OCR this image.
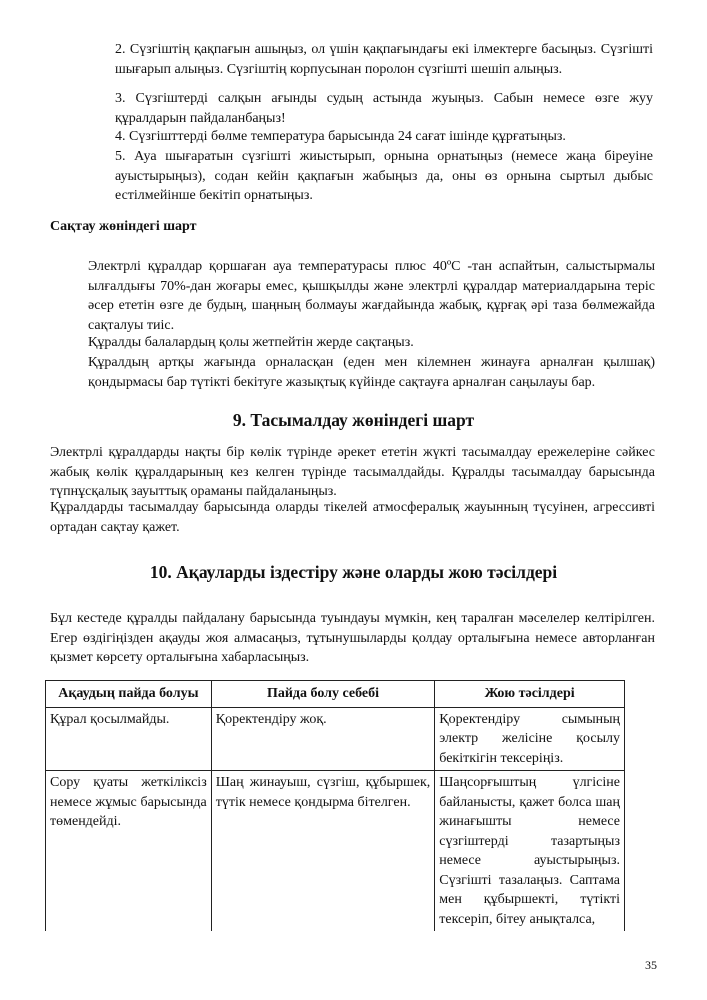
2. Сүзгіштің қақпағын ашыңыз, ол үшін қақпағындағы екі ілмектерге басыңыз. Сүзгішті шығарып алыңыз. Сүзгіштің корпусынан поролон сүзгішті шешіп алыңыз.

3. Сүзгіштерді салқын ағынды судың астында жуыңыз. Сабын немесе өзге жуу құралдарын пайдаланбаңыз!

4. Сүзгішттерді бөлме температура барысында 24 сағат ішінде құрғатыңыз.

5. Ауа шығаратын сүзгішті жиыстырып, орнына орнатыңыз (немесе жаңа біреуіне ауыстырыңыз), содан кейін қақпағын жабыңыз да, оны өз орнына сыртыл дыбыс естілмейінше бекітіп орнатыңыз.

Сақтау жөніндегі шарт

Электрлі құралдар қоршаған ауа температурасы плюс 40ºС -тан аспайтын, салыстырмалы ылғалдығы 70%-дан жоғары емес, қышқылды және электрлі құралдар материалдарына теріс әсер ететін өзге де будың, шаңның болмауы жағдайында жабық, құрғақ әрі таза бөлмежайда сақталуы тиіс.

Құралды балалардың қолы жетпейтін жерде сақтаңыз.

Құралдың артқы жағында орналасқан (еден мен кілемнен жинауға арналған қылшақ) қондырмасы бар түтікті бекітуге жазықтық күйінде сақтауға арналған саңылауы бар.

9. Тасымалдау жөніндегі шарт

Электрлі құралдарды нақты бір көлік түрінде әрекет ететін жүкті тасымалдау ережелеріне сәйкес жабық көлік құралдарының кез келген түрінде тасымалдайды. Құралды тасымалдау барысында түпнұсқалық зауыттық ораманы пайдаланыңыз.

Құралдарды тасымалдау барысында оларды тікелей атмосфералық жауынның түсуінен, агрессивті ортадан сақтау қажет.

10. Ақауларды іздестіру және оларды жою тәсілдері

Бұл кестеде құралды пайдалану барысында туындауы мүмкін, кең таралған мәселелер келтірілген. Егер өздігіңізден ақауды жоя алмасаңыз, тұтынушыларды қолдау орталығына немесе авторланған қызмет көрсету орталығына хабарласыңыз.

Ақаудың пайда болуы	Пайда болу себебі	Жою тәсілдері
Құрал қосылмайды.	Қоректендіру жоқ.	Қоректендіру сымының электр желісіне қосылу бекіткігін тексеріңіз.
Сору қуаты жеткіліксіз немесе жұмыс барысында төмендейді.	Шаң жинауыш, сүзгіш, құбыршек, түтік немесе қондырма бітелген.	Шаңсорғыштың үлгісіне байланысты, қажет болса шаң жинағышты немесе сүзгіштерді тазартыңыз немесе ауыстырыңыз. Сүзгішті тазалаңыз. Саптама мен құбыршекті, түтікті тексеріп, бітеу анықталса,
35
